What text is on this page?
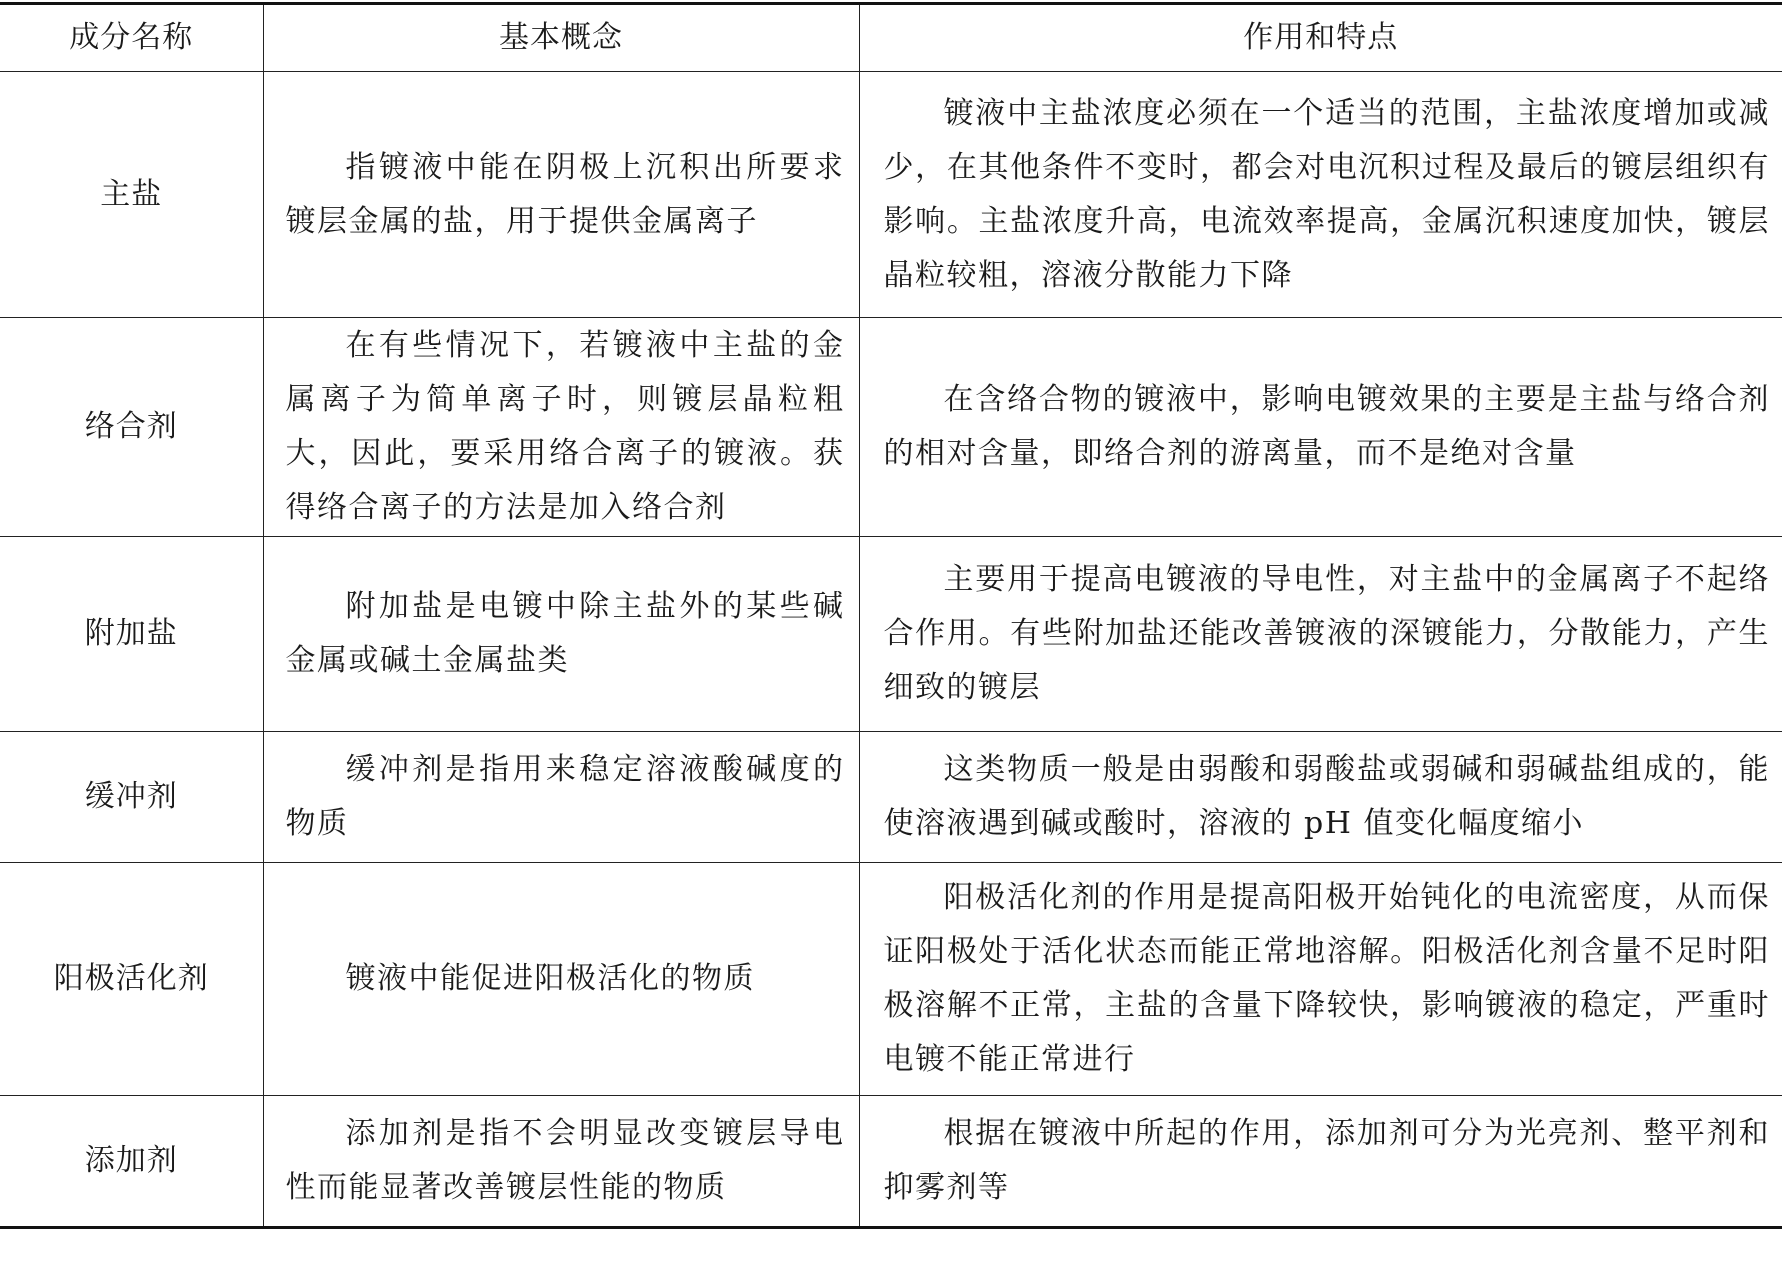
成分名称	基本概念	作用和特点
主盐	指镀液中能在阴极上沉积出所要求镀层金属的盐，用于提供金属离子	镀液中主盐浓度必须在一个适当的范围，主盐浓度增加或减少，在其他条件不变时，都会对电沉积过程及最后的镀层组织有影响。主盐浓度升高，电流效率提高，金属沉积速度加快，镀层晶粒较粗，溶液分散能力下降
络合剂	在有些情况下，若镀液中主盐的金属离子为简单离子时，则镀层晶粒粗大，因此，要采用络合离子的镀液。获得络合离子的方法是加入络合剂	在含络合物的镀液中，影响电镀效果的主要是主盐与络合剂的相对含量，即络合剂的游离量，而不是绝对含量
附加盐	附加盐是电镀中除主盐外的某些碱金属或碱土金属盐类	主要用于提高电镀液的导电性，对主盐中的金属离子不起络合作用。有些附加盐还能改善镀液的深镀能力，分散能力，产生细致的镀层
缓冲剂	缓冲剂是指用来稳定溶液酸碱度的物质	这类物质一般是由弱酸和弱酸盐或弱碱和弱碱盐组成的，能使溶液遇到碱或酸时，溶液的 pH 值变化幅度缩小
阳极活化剂	镀液中能促进阳极活化的物质	阳极活化剂的作用是提高阳极开始钝化的电流密度，从而保证阳极处于活化状态而能正常地溶解。阳极活化剂含量不足时阳极溶解不正常，主盐的含量下降较快，影响镀液的稳定，严重时电镀不能正常进行
添加剂	添加剂是指不会明显改变镀层导电性而能显著改善镀层性能的物质	根据在镀液中所起的作用，添加剂可分为光亮剂、整平剂和抑雾剂等
